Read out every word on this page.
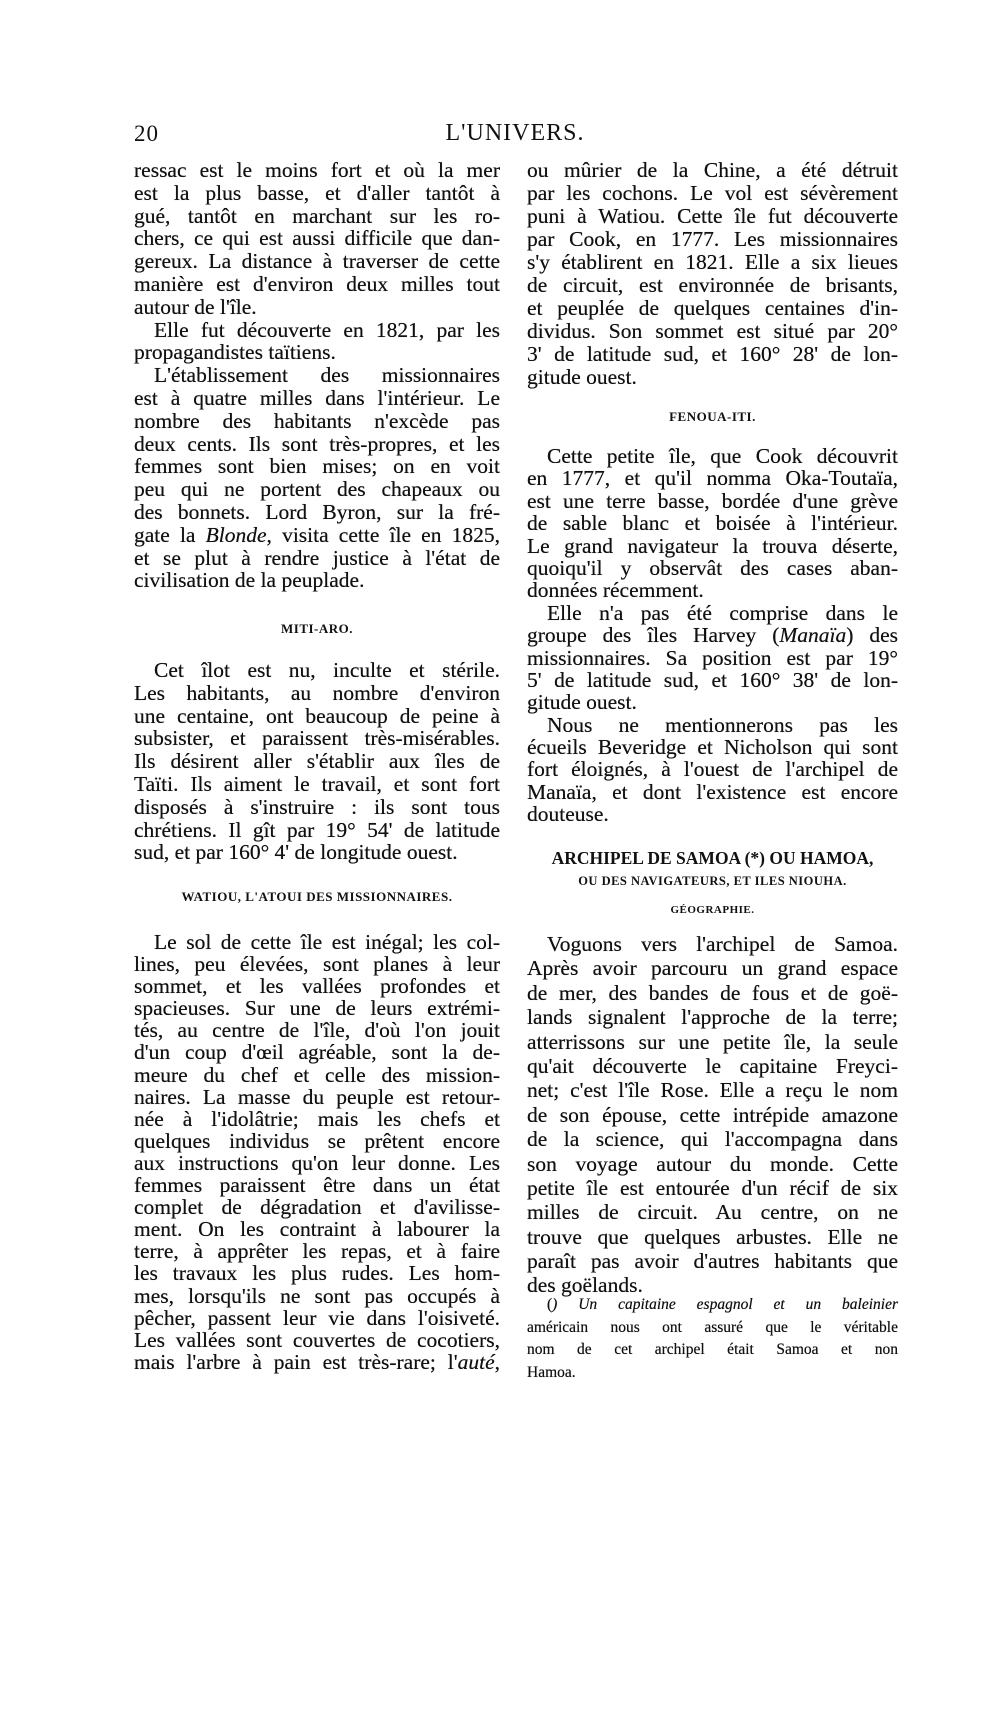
20	L'UNIVERS.
ressac est le moins fort et où la mer
est la plus basse, et d'aller tantôt à
gué, tantôt en marchant sur les ro-
chers, ce qui est aussi difficile que dan-
gereux. La distance à traverser de cette
manière est d'environ deux milles tout
autour de l'île.
Elle fut découverte en 1821, par les
propagandistes taïtiens.
L'établissement des missionnaires
est à quatre milles dans l'intérieur. Le
nombre des habitants n'excède pas
deux cents. Ils sont très-propres, et les
femmes sont bien mises; on en voit
peu qui ne portent des chapeaux ou
des bonnets. Lord Byron, sur la fré-
gate la Blonde, visita cette île en 1825,
et se plut à rendre justice à l'état de
civilisation de la peuplade.
MITI-ARO.
Cet îlot est nu, inculte et stérile.
Les habitants, au nombre d'environ
une centaine, ont beaucoup de peine à
subsister, et paraissent très-misérables.
Ils désirent aller s'établir aux îles de
Taïti. Ils aiment le travail, et sont fort
disposés à s'instruire : ils sont tous
chrétiens. Il gît par 19° 54' de latitude
sud, et par 160° 4' de longitude ouest.
WATIOU, L'ATOUI DES MISSIONNAIRES.
Le sol de cette île est inégal; les col-
lines, peu élevées, sont planes à leur
sommet, et les vallées profondes et
spacieuses. Sur une de leurs extrémi-
tés, au centre de l'île, d'où l'on jouit
d'un coup d'œil agréable, sont la de-
meure du chef et celle des mission-
naires. La masse du peuple est retour-
née à l'idolâtrie; mais les chefs et
quelques individus se prêtent encore
aux instructions qu'on leur donne. Les
femmes paraissent être dans un état
complet de dégradation et d'avilisse-
ment. On les contraint à labourer la
terre, à apprêter les repas, et à faire
les travaux les plus rudes. Les hom-
mes, lorsqu'ils ne sont pas occupés à
pêcher, passent leur vie dans l'oisiveté.
Les vallées sont couvertes de cocotiers,
mais l'arbre à pain est très-rare; l'auté,
ou mûrier de la Chine, a été détruit
par les cochons. Le vol est sévèrement
puni à Watiou. Cette île fut découverte
par Cook, en 1777. Les missionnaires
s'y établirent en 1821. Elle a six lieues
de circuit, est environnée de brisants,
et peuplée de quelques centaines d'in-
dividus. Son sommet est situé par 20°
3' de latitude sud, et 160° 28' de lon-
gitude ouest.
FENOUA-ITI.
Cette petite île, que Cook découvrit
en 1777, et qu'il nomma Oka-Toutaïa,
est une terre basse, bordée d'une grève
de sable blanc et boisée à l'intérieur.
Le grand navigateur la trouva déserte,
quoiqu'il y observât des cases aban-
données récemment.
Elle n'a pas été comprise dans le
groupe des îles Harvey (Manaïa) des
missionnaires. Sa position est par 19°
5' de latitude sud, et 160° 38' de lon-
gitude ouest.
Nous ne mentionnerons pas les
écueils Beveridge et Nicholson qui sont
fort éloignés, à l'ouest de l'archipel de
Manaïa, et dont l'existence est encore
douteuse.
ARCHIPEL DE SAMOA (*) OU HAMOA,
OU DES NAVIGATEURS, ET ILES NIOUHA.
GÉOGRAPHIE.
Voguons vers l'archipel de Samoa.
Après avoir parcouru un grand espace
de mer, des bandes de fous et de goë-
lands signalent l'approche de la terre;
atterrissons sur une petite île, la seule
qu'ait découverte le capitaine Freyci-
net; c'est l'île Rose. Elle a reçu le nom
de son épouse, cette intrépide amazone
de la science, qui l'accompagna dans
son voyage autour du monde. Cette
petite île est entourée d'un récif de six
milles de circuit. Au centre, on ne
trouve que quelques arbustes. Elle ne
paraît pas avoir d'autres habitants que
des goëlands.
() Un capitaine espagnol et un baleinier
américain nous ont assuré que le véritable
nom de cet archipel était Samoa et non
Hamoa.
